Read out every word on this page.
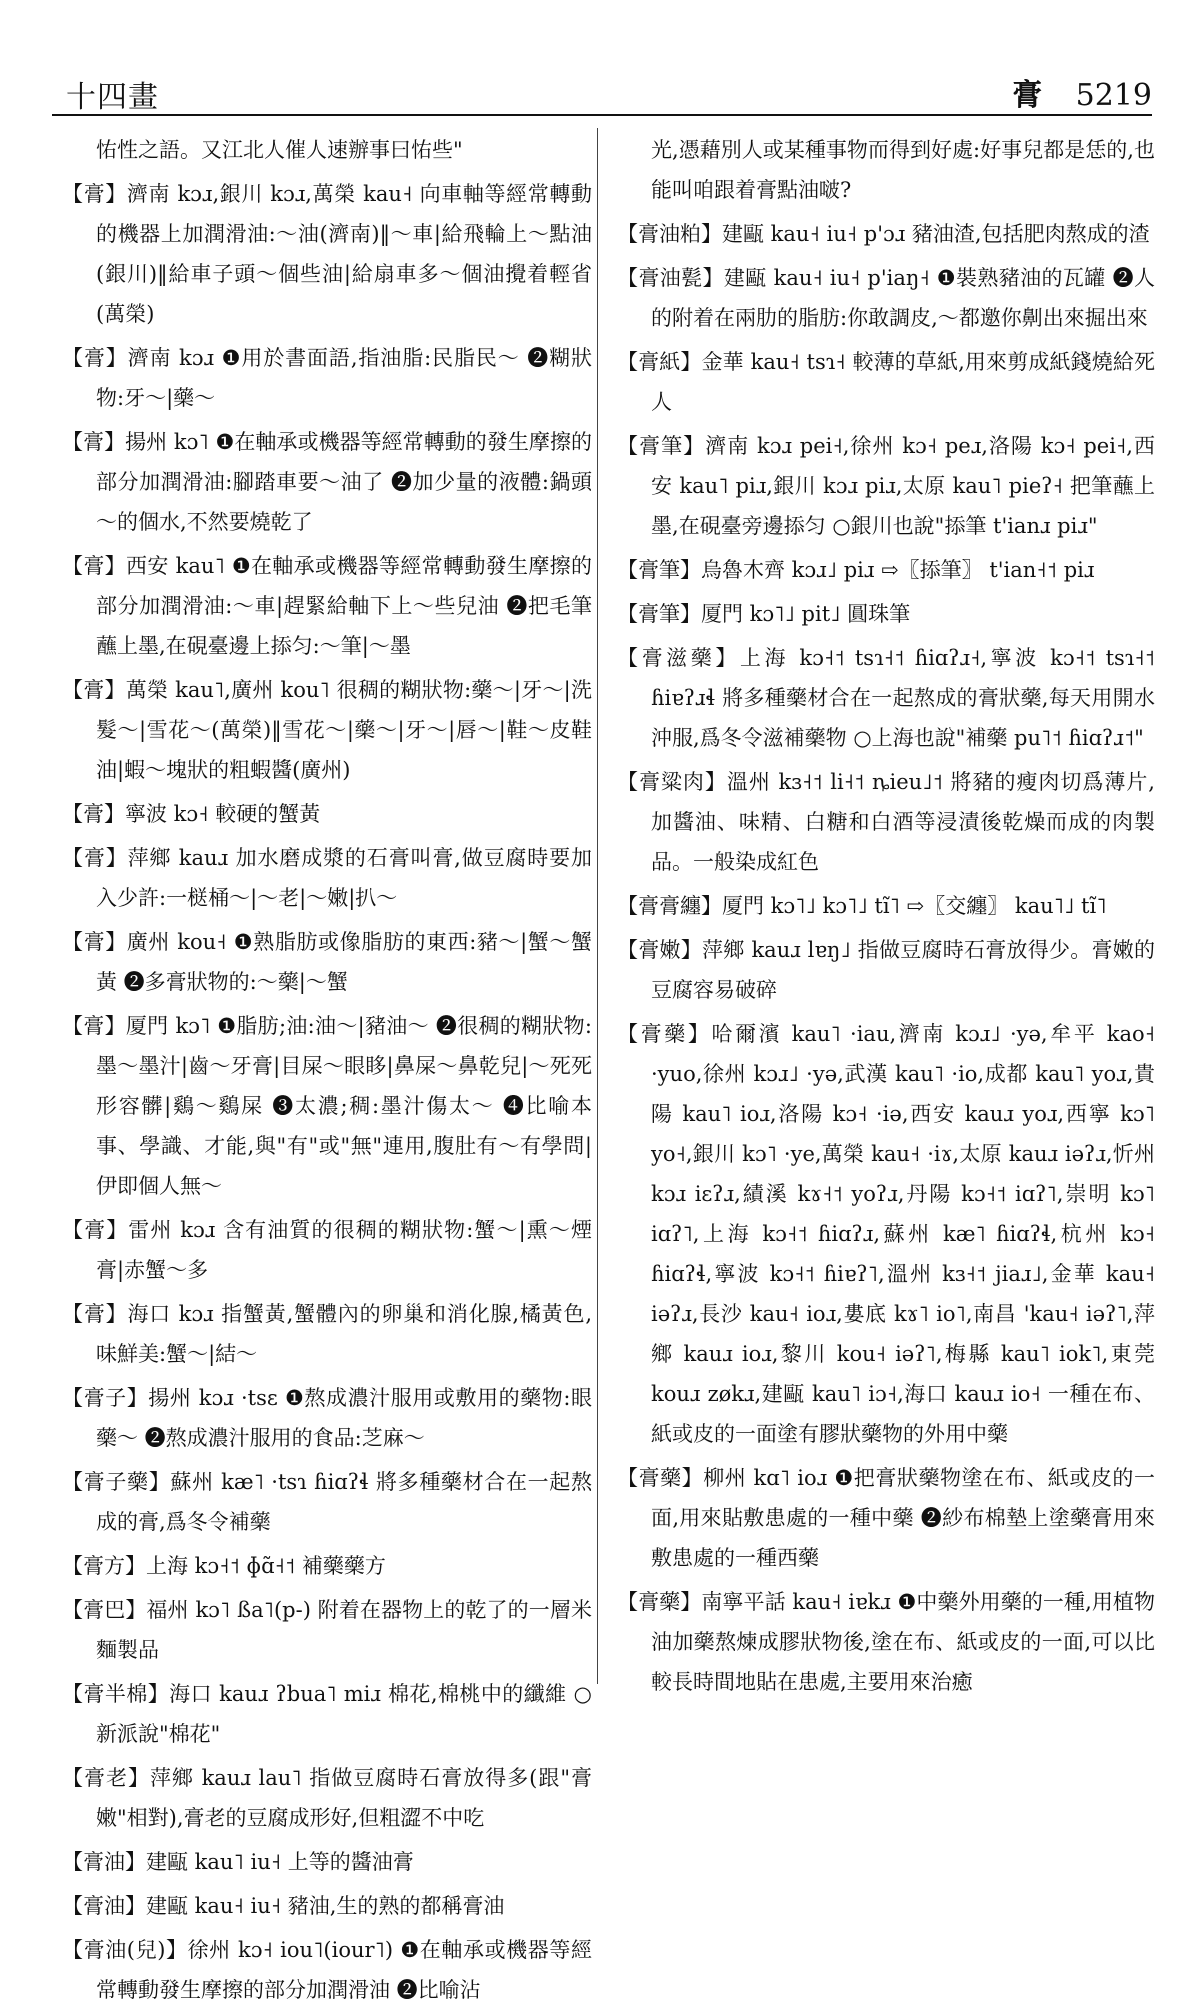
十四畫	膏 5219
㤑性之語。又江北人催人速辦事曰㤑些"
【膏】濟南 kɔɹ,銀川 kɔɹ,萬榮 kau˧ 向車軸等經常轉動的機器上加潤滑油:～油(濟南)‖～車|給飛輪上～點油(銀川)‖給車子頭～個些油|給扇車多～個油攪着輕省(萬榮)
【膏】濟南 kɔɹ ❶用於書面語,指油脂:民脂民～ ❷糊狀物:牙～|藥～
【膏】揚州 kɔ˥ ❶在軸承或機器等經常轉動的發生摩擦的部分加潤滑油:腳踏車要～油了 ❷加少量的液體:鍋頭～的個水,不然要燒乾了
【膏】西安 kau˥ ❶在軸承或機器等經常轉動發生摩擦的部分加潤滑油:～車|趕緊給軸下上～些兒油 ❷把毛筆蘸上墨,在硯臺邊上掭匀:～筆|～墨
【膏】萬榮 kau˥,廣州 kou˥ 很稠的糊狀物:藥～|牙～|洗髮～|雪花～(萬榮)‖雪花～|藥～|牙～|唇～|鞋～皮鞋油|蝦～塊狀的粗蝦醬(廣州)
【膏】寧波 kɔ˧ 較硬的蟹黃
【膏】萍鄉 kauɹ 加水磨成漿的石膏叫膏,做豆腐時要加入少許:一㮸桶～|～老|～嫩|扒～
【膏】廣州 kou˧ ❶熟脂肪或像脂肪的東西:豬～|蟹～蟹黃 ❷多膏狀物的:～藥|～蟹
【膏】厦門 kɔ˥ ❶脂肪;油:油～|豬油～ ❷很稠的糊狀物:墨～墨汁|齒～牙膏|目屎～眼眵|鼻屎～鼻乾兒|～死死形容髒|鷄～鷄屎 ❸太濃;稠:墨汁傷太～ ❹比喻本事、學識、才能,與"有"或"無"連用,腹肚有～有學問|伊即個人無～
【膏】雷州 kɔɹ 含有油質的很稠的糊狀物:蟹～|熏～煙膏|赤蟹～多
【膏】海口 kɔɹ 指蟹黃,蟹體內的卵巢和消化腺,橘黃色,味鮮美:蟹～|結～
【膏子】揚州 kɔɹ ·tsɛ ❶熬成濃汁服用或敷用的藥物:眼藥～ ❷熬成濃汁服用的食品:芝麻～
【膏子藥】蘇州 kæ˥ ·tsɿ ɦiɑʔɬ 將多種藥材合在一起熬成的膏,爲冬令補藥
【膏方】上海 kɔ˧˦ ɸɑ̃˧˦ 補藥藥方
【膏巴】福州 kɔ˥ ßa˥(p-) 附着在器物上的乾了的一層米麵製品
【膏半棉】海口 kauɹ ʔbua˥ miɹ 棉花,棉桃中的纖維 ○新派說"棉花"
【膏老】萍鄉 kauɹ lau˥ 指做豆腐時石膏放得多(跟"膏嫩"相對),膏老的豆腐成形好,但粗澀不中吃
【膏油】建甌 kau˥ iu˧ 上等的醬油膏
【膏油】建甌 kau˧ iu˧ 豬油,生的熟的都稱膏油
【膏油(兒)】徐州 kɔ˧ iou˥(iour˥) ❶在軸承或機器等經常轉動發生摩擦的部分加潤滑油 ❷比喻沾
光,憑藉別人或某種事物而得到好處:好事兒都是恁的,也能叫咱跟着膏點油啵?
【膏油粕】建甌 kau˧ iu˧ p'ɔɹ 豬油渣,包括肥肉熬成的渣
【膏油甏】建甌 kau˧ iu˧ p'iaŋ˧ ❶裝熟豬油的瓦罐 ❷人的附着在兩肋的脂肪:你敢調皮,～都邀你劓出來掘出來
【膏紙】金華 kau˧ tsɿ˧ 較薄的草紙,用來剪成紙錢燒給死人
【膏筆】濟南 kɔɹ pei˧,徐州 kɔ˧ peɹ,洛陽 kɔ˧ pei˧,西安 kau˥ piɹ,銀川 kɔɹ piɹ,太原 kau˥ pieʔ˧ 把筆蘸上墨,在硯臺旁邊掭匀 ○銀川也說"掭筆 t'ianɹ piɹ"
【膏筆】烏魯木齊 kɔɹ˩ piɹ ⇨〖掭筆〗 t'ian˧˦ piɹ
【膏筆】厦門 kɔ˥˩ pit˩ 圓珠筆
【膏滋藥】上海 kɔ˧˦ tsɿ˧˦ ɦiɑʔɹ˧,寧波 kɔ˧˦ tsɿ˧˦ ɦiɐʔɹɬ 將多種藥材合在一起熬成的膏狀藥,每天用開水沖服,爲冬令滋補藥物 ○上海也說"補藥 pu˥˦ ɦiɑʔɹ˦"
【膏粱肉】溫州 kɜ˧˦ li˧˦ ȵieu˩˦ 將豬的瘦肉切爲薄片,加醬油、味精、白糖和白酒等浸漬後乾燥而成的肉製品。一般染成紅色
【膏膏纏】厦門 kɔ˥˩ kɔ˥˩ tĩ˥ ⇨〖交纏〗 kau˥˩ tĩ˥
【膏嫩】萍鄉 kauɹ lɐŋ˩ 指做豆腐時石膏放得少。膏嫩的豆腐容易破碎
【膏藥】哈爾濱 kau˥ ·iau,濟南 kɔɹ˩ ·yə,牟平 kao˧ ·yuo,徐州 kɔɹ˩ ·yə,武漢 kau˥ ·io,成都 kau˥ yoɹ,貴陽 kau˥ ioɹ,洛陽 kɔ˧ ·iə,西安 kauɹ yoɹ,西寧 kɔ˥ yo˧,銀川 kɔ˥ ·ye,萬榮 kau˧ ·iɤ,太原 kauɹ iəʔɹ,忻州 kɔɹ iɛʔɹ,績溪 kɤ˧˦ yoʔɹ,丹陽 kɔ˧˦ iɑʔ˥,崇明 kɔ˥ iɑʔ˥,上海 kɔ˧˦ ɦiɑʔɹ,蘇州 kæ˥ ɦiɑʔɬ,杭州 kɔ˧ ɦiɑʔɬ,寧波 kɔ˧˦ ɦiɐʔ˥,溫州 kɜ˧˦ jiaɹ˩,金華 kau˧ iəʔɹ,長沙 kau˧ ioɹ,婁底 kɤ˥ io˥,南昌 'kau˧ iəʔ˥,萍鄉 kauɹ ioɹ,黎川 kou˧ iəʔ˥,梅縣 kau˥ iok˥,東莞 kouɹ zøkɹ,建甌 kau˥ iɔ˧,海口 kauɹ io˧ 一種在布、紙或皮的一面塗有膠狀藥物的外用中藥
【膏藥】柳州 kɑ˥ ioɹ ❶把膏狀藥物塗在布、紙或皮的一面,用來貼敷患處的一種中藥 ❷紗布棉墊上塗藥膏用來敷患處的一種西藥
【膏藥】南寧平話 kau˧ iɐkɹ ❶中藥外用藥的一種,用植物油加藥熬煉成膠狀物後,塗在布、紙或皮的一面,可以比較長時間地貼在患處,主要用來治癒
